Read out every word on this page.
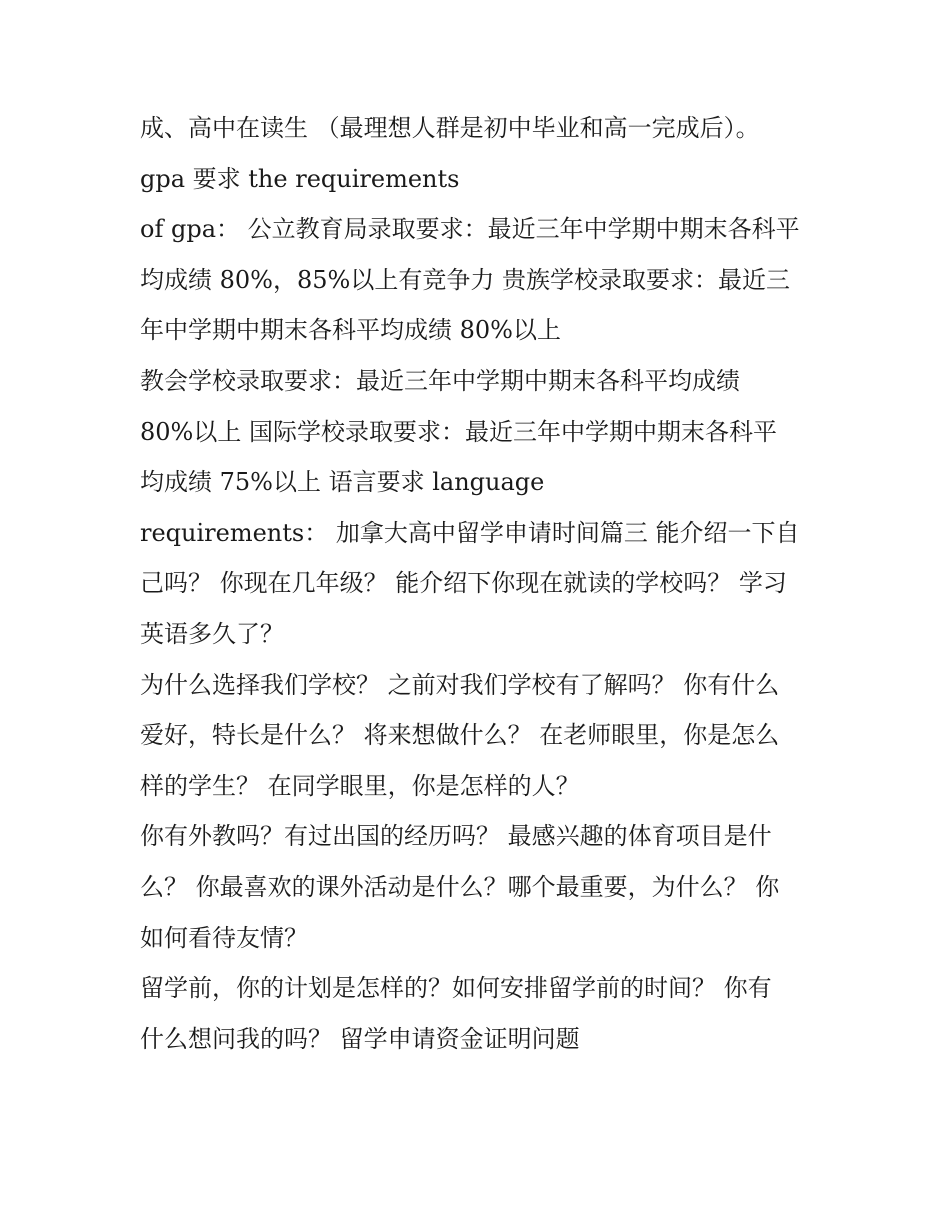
成、高中在读生 （最理想人群是初中毕业和高一完成后）。
gpa 要求 the requirements
of gpa： 公立教育局录取要求：最近三年中学期中期末各科平
均成绩 80%，85%以上有竞争力 贵族学校录取要求：最近三
年中学期中期末各科平均成绩 80%以上
教会学校录取要求：最近三年中学期中期末各科平均成绩
80%以上 国际学校录取要求：最近三年中学期中期末各科平
均成绩 75%以上 语言要求 language
requirements： 加拿大高中留学申请时间篇三 能介绍一下自
己吗？ 你现在几年级？ 能介绍下你现在就读的学校吗？ 学习
英语多久了？
为什么选择我们学校？ 之前对我们学校有了解吗？ 你有什么
爱好，特长是什么？ 将来想做什么？ 在老师眼里，你是怎么
样的学生？ 在同学眼里，你是怎样的人？
你有外教吗？有过出国的经历吗？ 最感兴趣的体育项目是什
么？ 你最喜欢的课外活动是什么？哪个最重要，为什么？ 你
如何看待友情？
留学前，你的计划是怎样的？如何安排留学前的时间？ 你有
什么想问我的吗？ 留学申请资金证明问题
